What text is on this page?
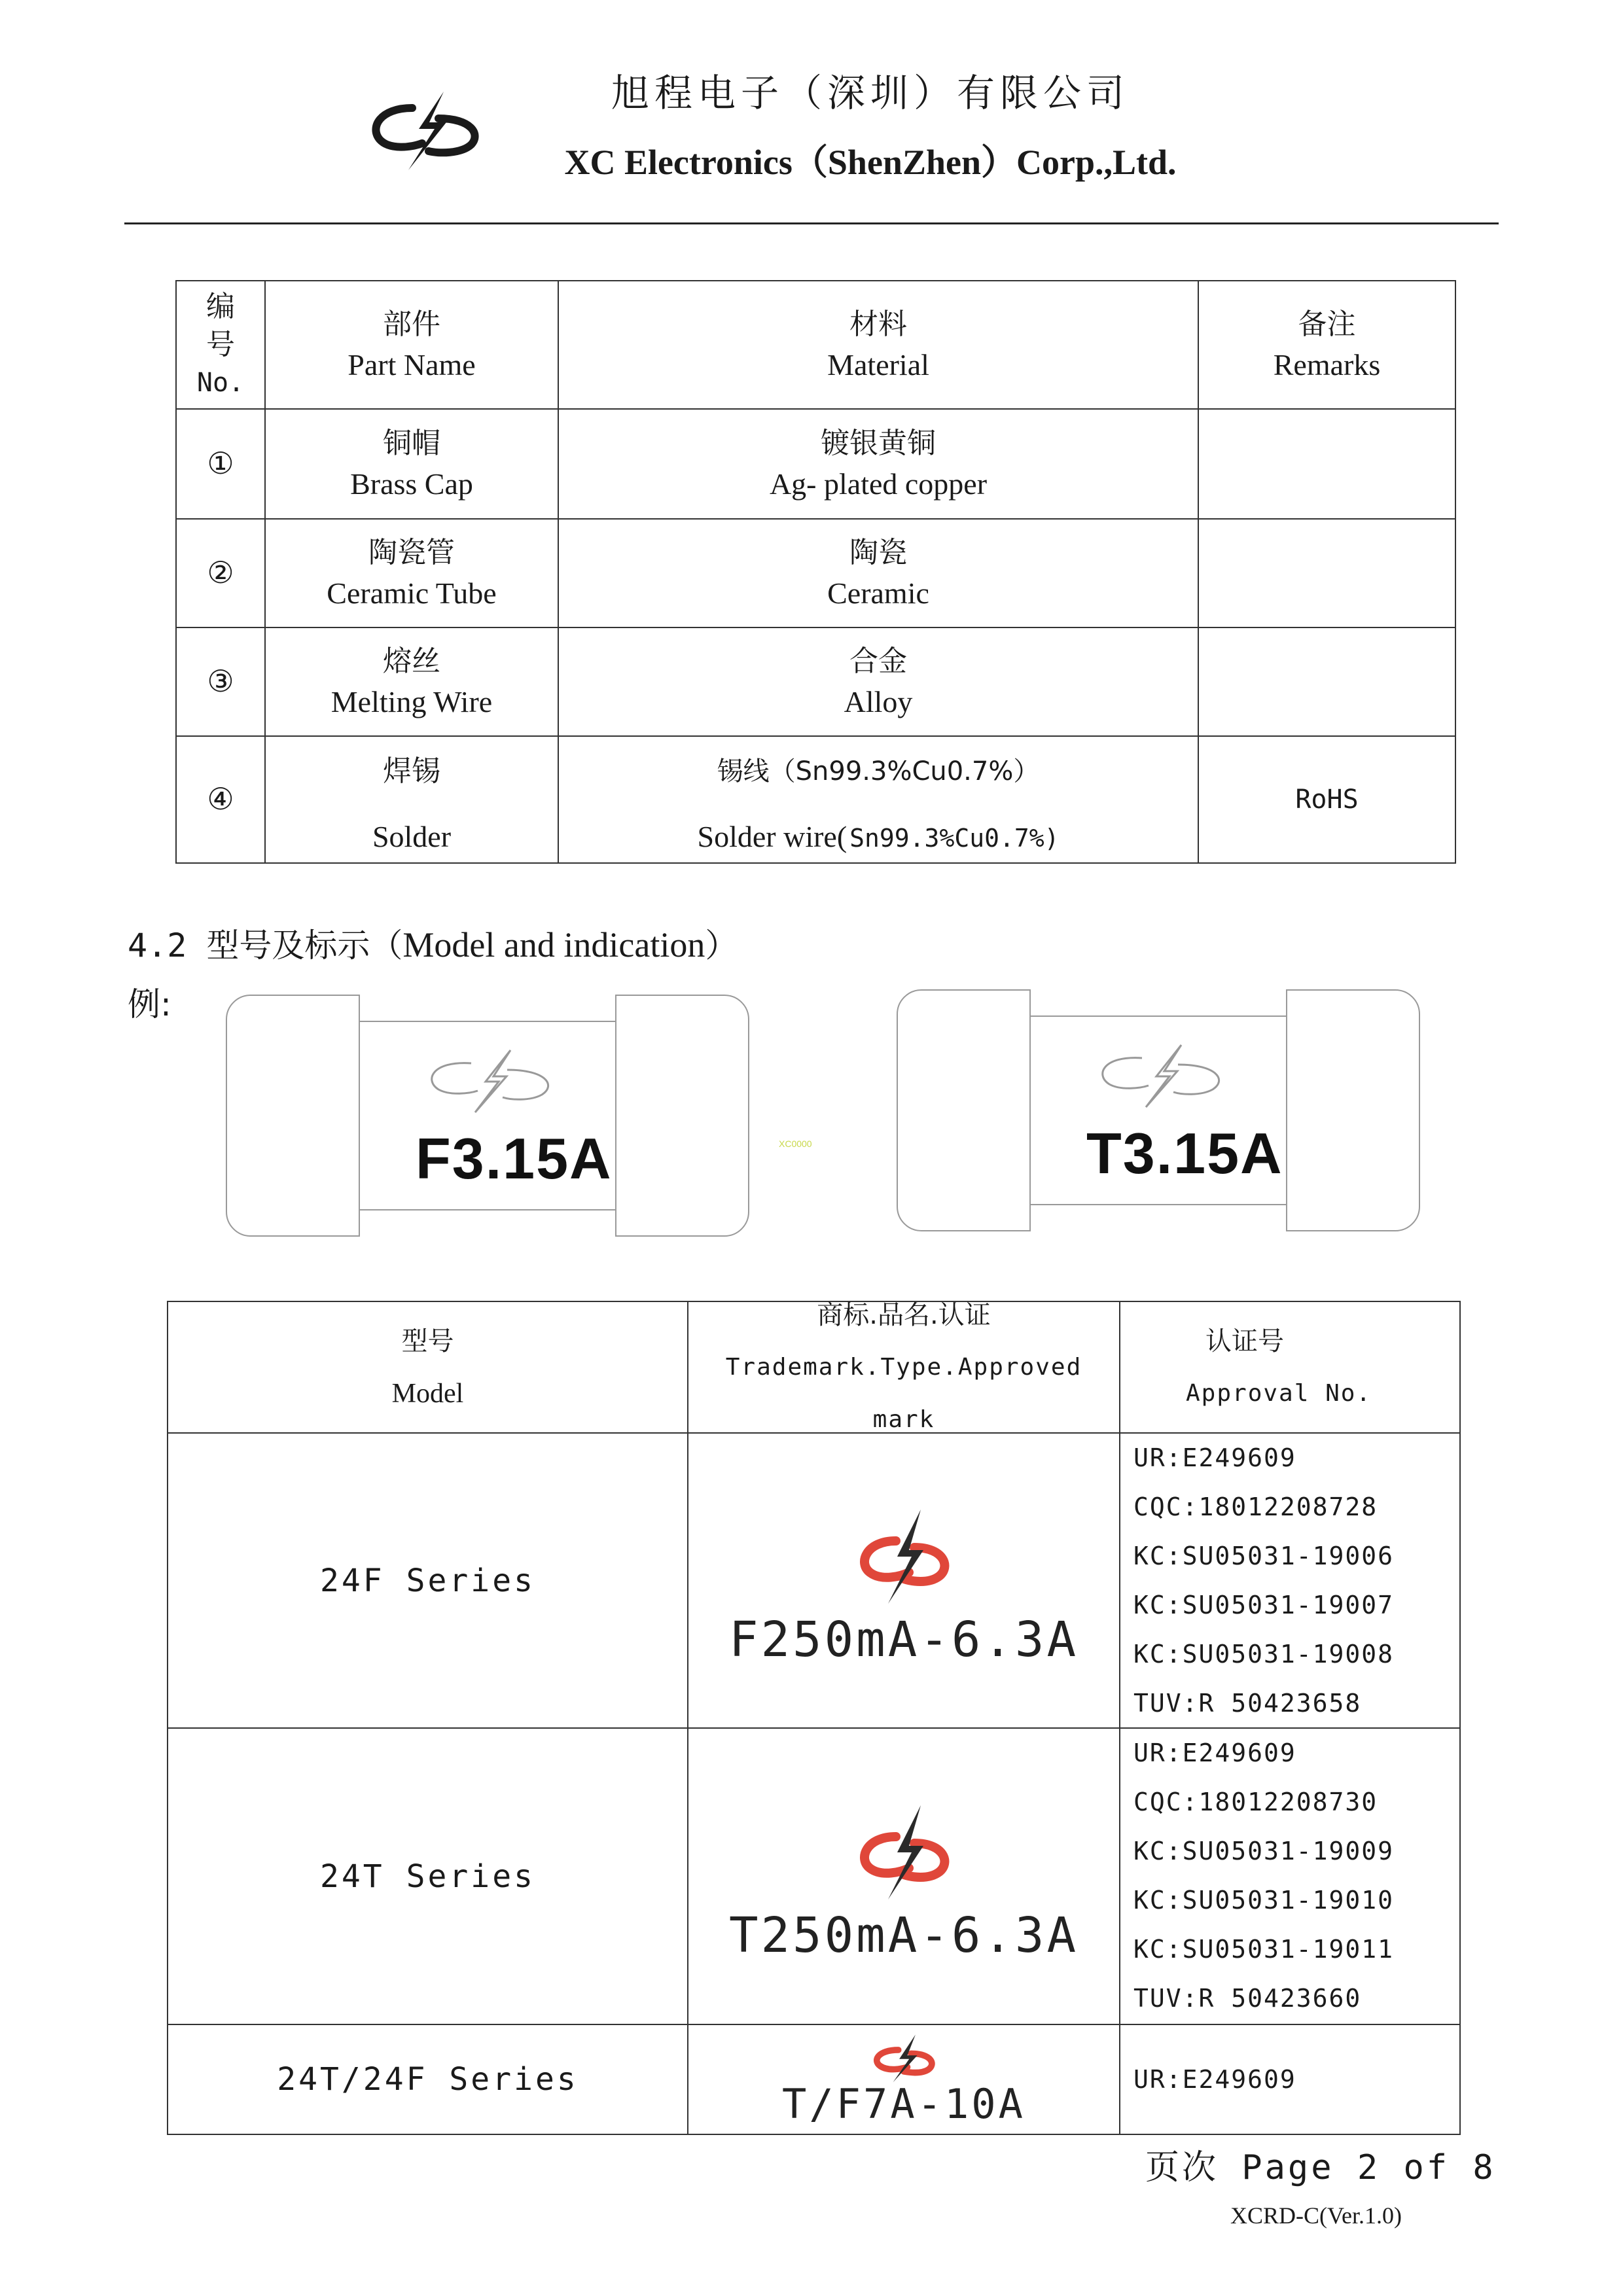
旭程电子（深圳）有限公司
XC Electronics（ShenZhen）Corp.,Ltd.
编
号
No.
部件
Part Name
材料
Material
备注
Remarks
①
铜帽
Brass Cap
镀银黄铜
Ag- plated copper
②
陶瓷管
Ceramic Tube
陶瓷
Ceramic
③
熔丝
Melting Wire
合金
Alloy
④
焊锡
Solder
锡线（Sn99.3%Cu0.7%）
Solder wire( Sn99.3%Cu0.7%)
RoHS
4.2 型号及标示（Model and indication）
例:
F3.15A	XC0000	T3.15A
型号
Model
商标.品名.认证
Trademark.Type.Approved mark
认证号
Approval No.
24F Series
F250mA-6.3A
UR:E249609
CQC:18012208728
KC:SU05031-19006
KC:SU05031-19007
KC:SU05031-19008
TUV:R 50423658
24T Series
T250mA-6.3A
UR:E249609
CQC:18012208730
KC:SU05031-19009
KC:SU05031-19010
KC:SU05031-19011
TUV:R 50423660
24T/24F Series
T/F7A-10A
UR:E249609
页次 Page 2 of 8
XCRD-C(Ver.1.0)
